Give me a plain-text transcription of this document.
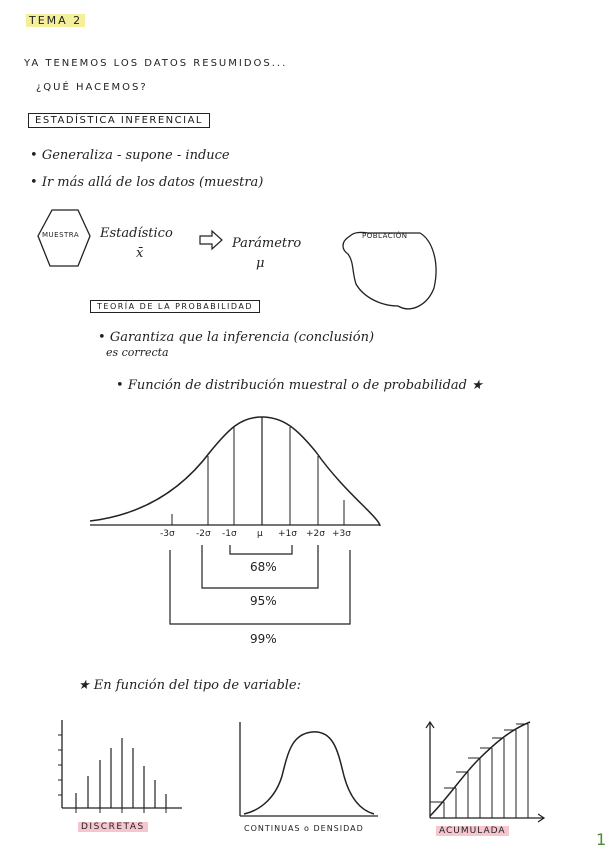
TEMA 2
YA TENEMOS LOS DATOS RESUMIDOS...
¿QUÉ HACEMOS?
ESTADÍSTICA INFERENCIAL
• Generaliza - supone - induce
• Ir más allá de los datos (muestra)
MUESTRA Estadístico
x̄
Parámetro
μ
POBLACIÓN
TEORÍA DE LA PROBABILIDAD
• Garantiza que la inferencia (conclusión)
es correcta
• Función de distribución muestral o de probabilidad ★
-3σ -2σ -1σ μ +1σ +2σ +3σ
68%
95%
99%
★ En función del tipo de variable:
DISCRETAS	CONTINUAS o DENSIDAD	ACUMULADA	1
